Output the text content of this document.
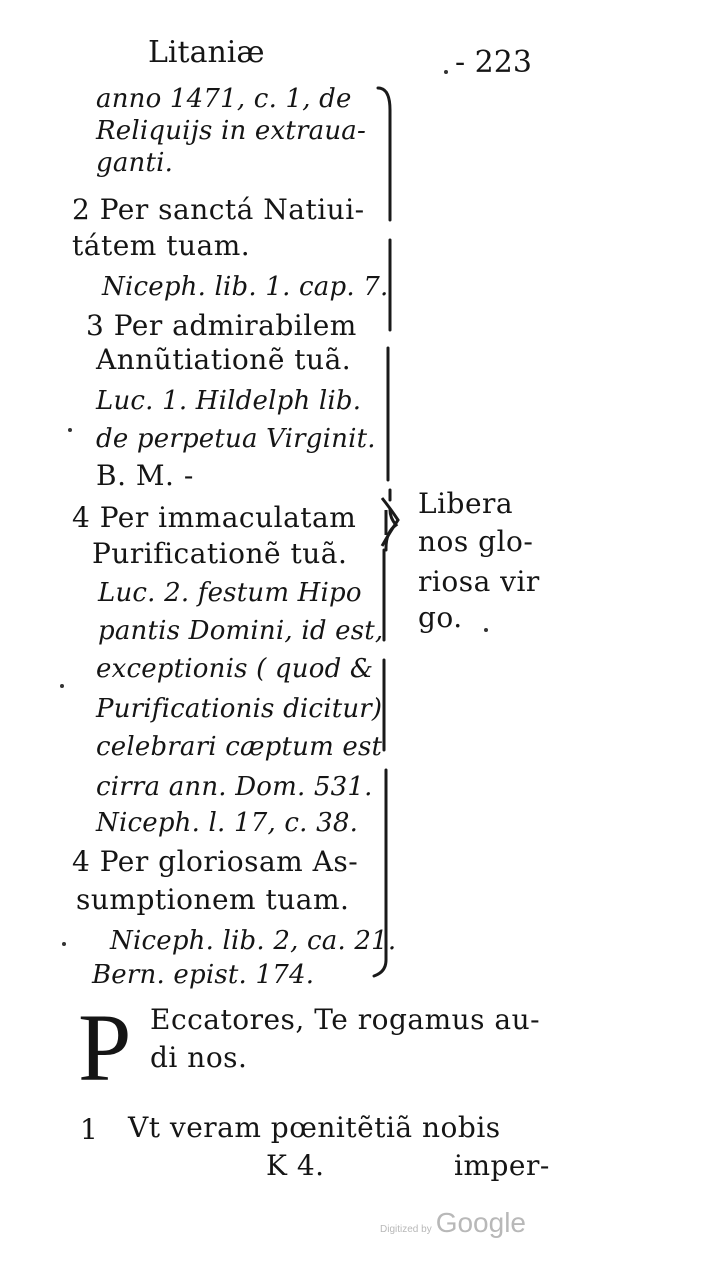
Litaniæ	- 223
anno 1471, c. 1, de
Reliquijs in extraua-
ganti.
2 Per sanctá Natiui-
tátem tuam.
Niceph. lib. 1. cap. 7.
3 Per admirabilem
Annũtiationẽ tuã.
Luc. 1. Hildelph lib.
de perpetua Virginit.
B. M. -
4 Per immaculatam
Purificationẽ tuã.
Luc. 2. festum Hipo
pantis Domini, id est,
exceptionis ( quod &
Purificationis dicitur)
celebrari cæptum est
cirra ann. Dom. 531.
Niceph. l. 17, c. 38.
4 Per gloriosam As-
sumptionem tuam.
Niceph. lib. 2, ca. 21.
Bern. epist. 174.
Libera
nos glo-
riosa vir
go.
P Eccatores, Te rogamus au-
di nos.
1 Vt veram pœnitẽtiã nobis
K 4.	imper-
Digitized by Google
